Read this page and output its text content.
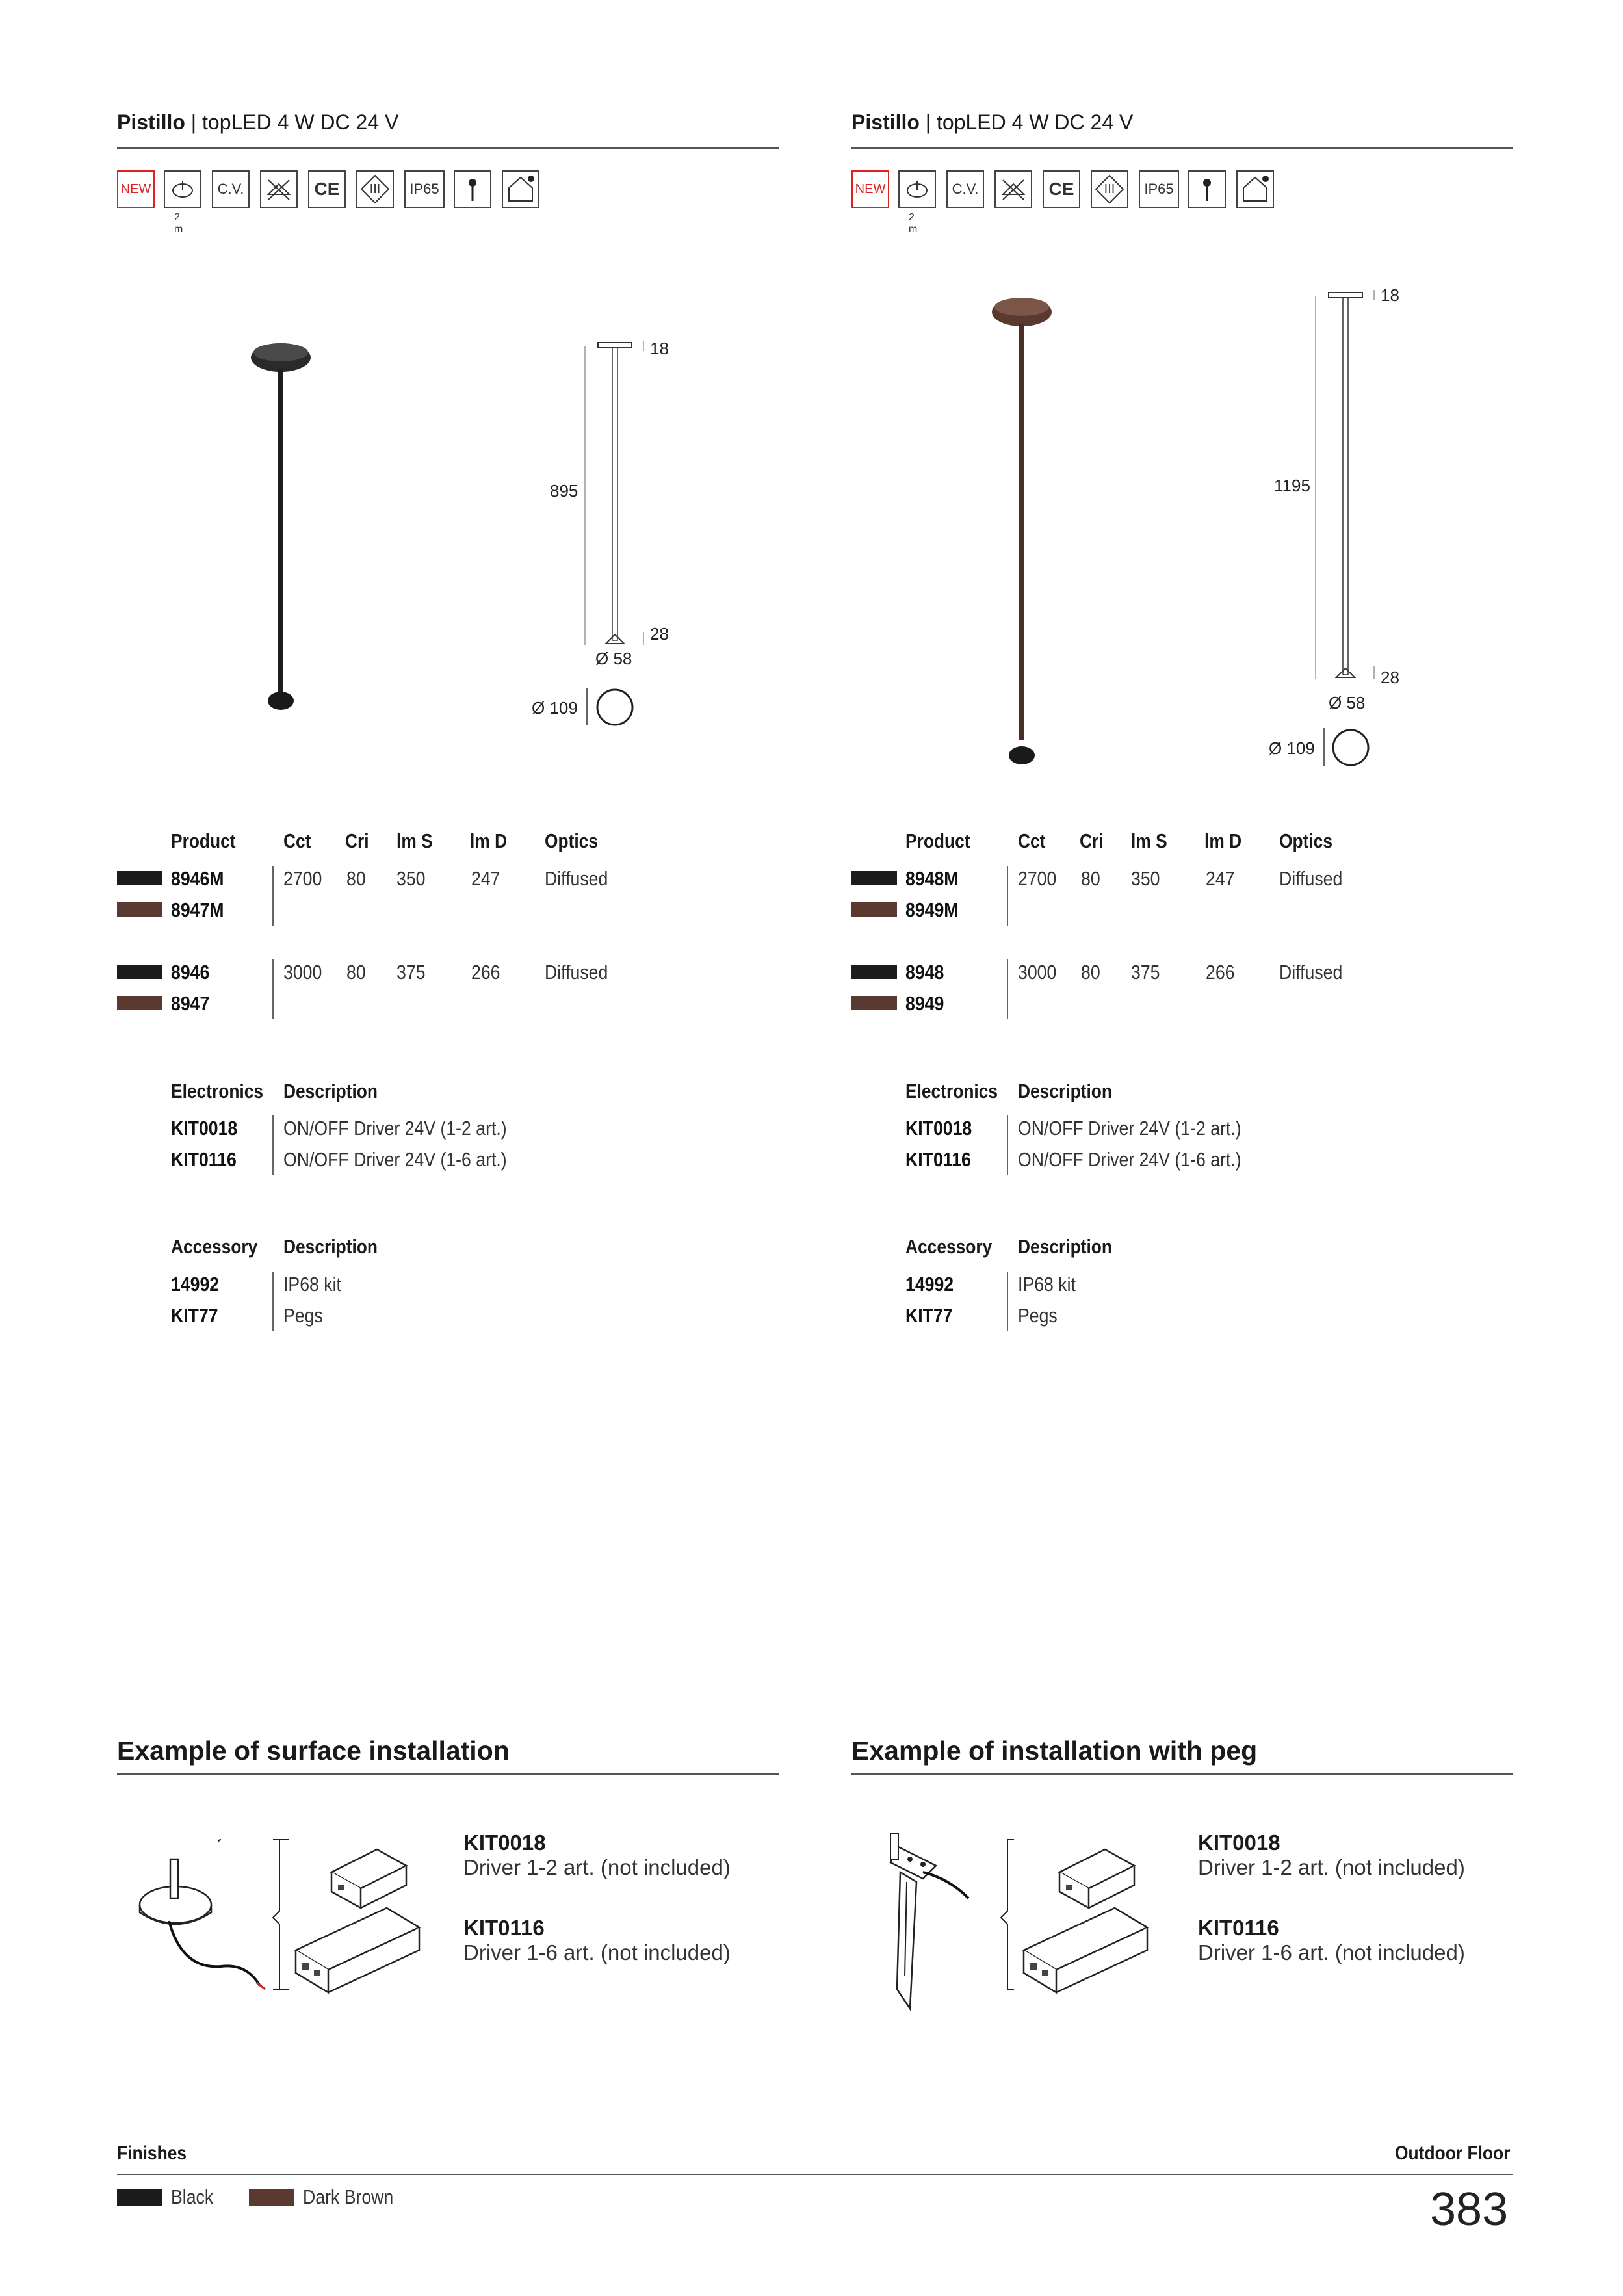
Pistillo | topLED 4 W DC 24 V
NEW
2 m
C.V.	CE	III	IP65
18
895
28
Ø 58
Ø 109
Product Cct Cri lm S lm D Optics
8946M
8947M
2700 80 350 247 Diffused
8946
8947
3000 80 375 266 Diffused
Electronics Description
KIT0018 ON/OFF Driver 24V (1-2 art.)
KIT0116 ON/OFF Driver 24V (1-6 art.)
Accessory Description
14992	IP68 kit
KIT77	Pegs
Example of surface installation
KIT0018
Driver 1-2 art. (not included)
KIT0116
Driver 1-6 art. (not included)
Pistillo | topLED 4 W DC 24 V
NEW
2 m
C.V.	CE	III	IP65
18
1195
28
Ø 58
Ø 109
Product Cct Cri lm S lm D Optics
8948M
8949M
2700 80 350 247 Diffused
8948
8949
3000 80 375 266 Diffused
Electronics Description
KIT0018 ON/OFF Driver 24V (1-2 art.)
KIT0116 ON/OFF Driver 24V (1-6 art.)
Accessory Description
14992	IP68 kit
KIT77	Pegs
Example of installation with peg
KIT0018
Driver 1-2 art. (not included)
KIT0116
Driver 1-6 art. (not included)
Finishes	Outdoor Floor
Black	Dark Brown	383
